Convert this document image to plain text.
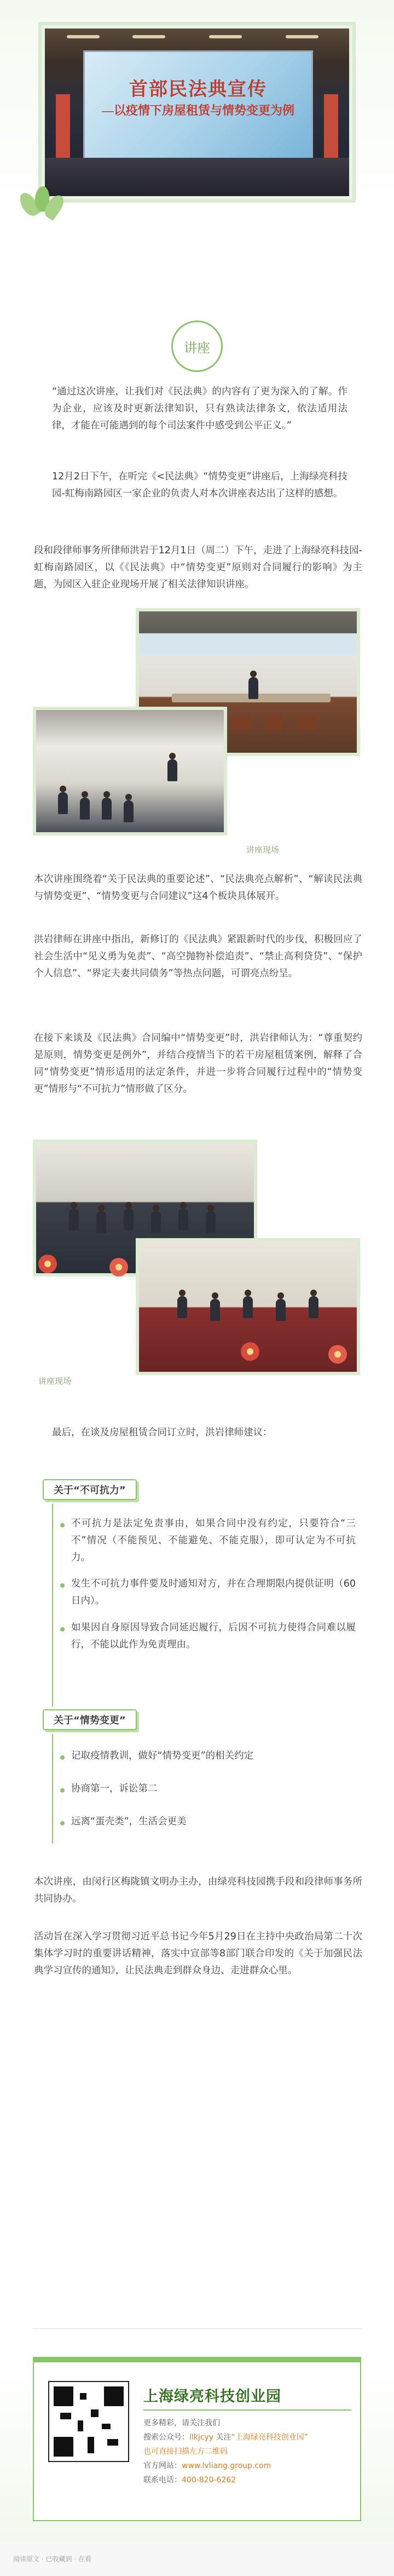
首部民法典宣传
—以疫情下房屋租赁与情势变更为例
讲座
“通过这次讲座，让我们对《民法典》的内容有了更为深入的了解。作为企业，应该及时更新法律知识，只有熟读法律条文，依法适用法律，才能在可能遇到的每个司法案件中感受到公平正义。”
12月2日下午，在听完《<民法典》“情势变更”讲座后，上海绿亮科技园-虹梅南路园区一家企业的负责人对本次讲座表达出了这样的感想。
段和段律师事务所律师洪岩于12月1日（周二）下午，走进了上海绿亮科技园-虹梅南路园区，以《《民法典》中“情势变更”原则对合同履行的影响》为主题，为园区入驻企业现场开展了相关法律知识讲座。
讲座现场
本次讲座围绕着“关于民法典的重要论述”、“民法典亮点解析”、“解读民法典与情势变更”、“情势变更与合同建议”这4个板块具体展开。
洪岩律师在讲座中指出，新修订的《民法典》紧跟新时代的步伐，积极回应了社会生活中“见义勇为免责”、“高空抛物补偿追责”、“禁止高利贷贷”、“保护个人信息”、“界定夫妻共同债务”等热点问题，可谓亮点纷呈。
在接下来谈及《民法典》合同编中“情势变更”时，洪岩律师认为：“尊重契约是原则，情势变更是例外”，并结合疫情当下的若干房屋租赁案例，解释了合同“情势变更”情形适用的法定条件，并进一步将合同履行过程中的“情势变更”情形与“不可抗力”情形做了区分。
讲座现场
最后，在谈及房屋租赁合同订立时，洪岩律师建议：
关于“不可抗力”
不可抗力是法定免责事由，如果合同中没有约定，只要符合“三不”情况（不能预见、不能避免、不能克服），即可认定为不可抗力。
发生不可抗力事件要及时通知对方，并在合理期限内提供证明（60日内）。
如果因自身原因导致合同延迟履行，后因不可抗力使得合同难以履行，不能以此作为免责理由。
关于“情势变更”
记取疫情教训，做好“情势变更”的相关约定
协商第一，诉讼第二
远离“蛋壳类”，生活会更美
本次讲座，由闵行区梅陇镇文明办主办，由绿亮科技园携手段和段律师事务所共同协办。
活动旨在深入学习贯彻习近平总书记今年5月29日在主持中央政治局第二十次集体学习时的重要讲话精神，落实中宣部等8部门联合印发的《关于加强民法典学习宣传的通知》，让民法典走到群众身边、走进群众心里。
上海绿亮科技创业园
更多精彩，请关注我们
搜索公众号：llkjcyy 关注“上海绿亮科技创业园”
也可直接扫描左方二维码
官方网站：www.lvliang.group.com
联系电话：400-820-6262
阅读原文 · 已收藏到 · 在看
